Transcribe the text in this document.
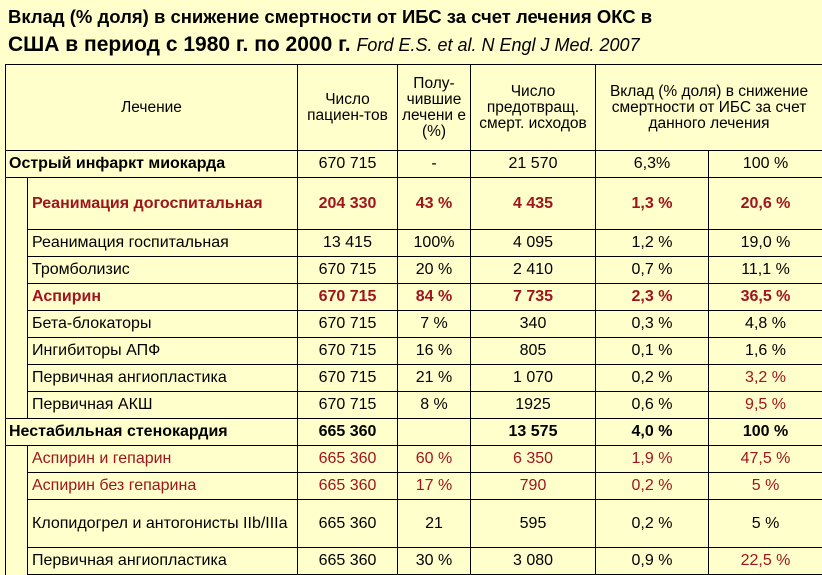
Вклад (% доля) в снижение смертности от ИБС за счет лечения ОКС в
США в период с 1980 г. по 2000 г. Ford E.S. et al. N Engl J Med. 2007
Лечение		Число пациен-тов	Полу-чившие лечени е (%)	Число предотвращ. смерт. исходов	Вклад (% доля) в снижение смертности от ИБС за счет данного лечения	
Острый инфаркт миокарда		670 715	-	21 570	6,3%	100 %
	Реанимация догоспитальная	204 330	43 %	4 435	1,3 %	20,6 %
	Реанимация госпитальная	13 415	100%	4 095	1,2 %	19,0 %
	Тромболизис	670 715	20 %	2 410	0,7 %	11,1 %
	Аспирин	670 715	84 %	7 735	2,3 %	36,5 %
	Бета-блокаторы	670 715	7 %	340	0,3 %	4,8 %
	Ингибиторы АПФ	670 715	16 %	805	0,1 %	1,6 %
	Первичная ангиопластика	670 715	21 %	1 070	0,2 %	3,2 %
	Первичная АКШ	670 715	8 %	1925	0,6 %	9,5 %
Нестабильная стенокардия		665 360		13 575	4,0 %	100 %
	Аспирин и гепарин	665 360	60 %	6 350	1,9 %	47,5 %
	Аспирин без гепарина	665 360	17 %	790	0,2 %	5 %
	Клопидогрел и антогонисты IIb/IIIa	665 360	21	595	0,2 %	5 %
	Первичная ангиопластика	665 360	30 %	3 080	0,9 %	22,5 %
